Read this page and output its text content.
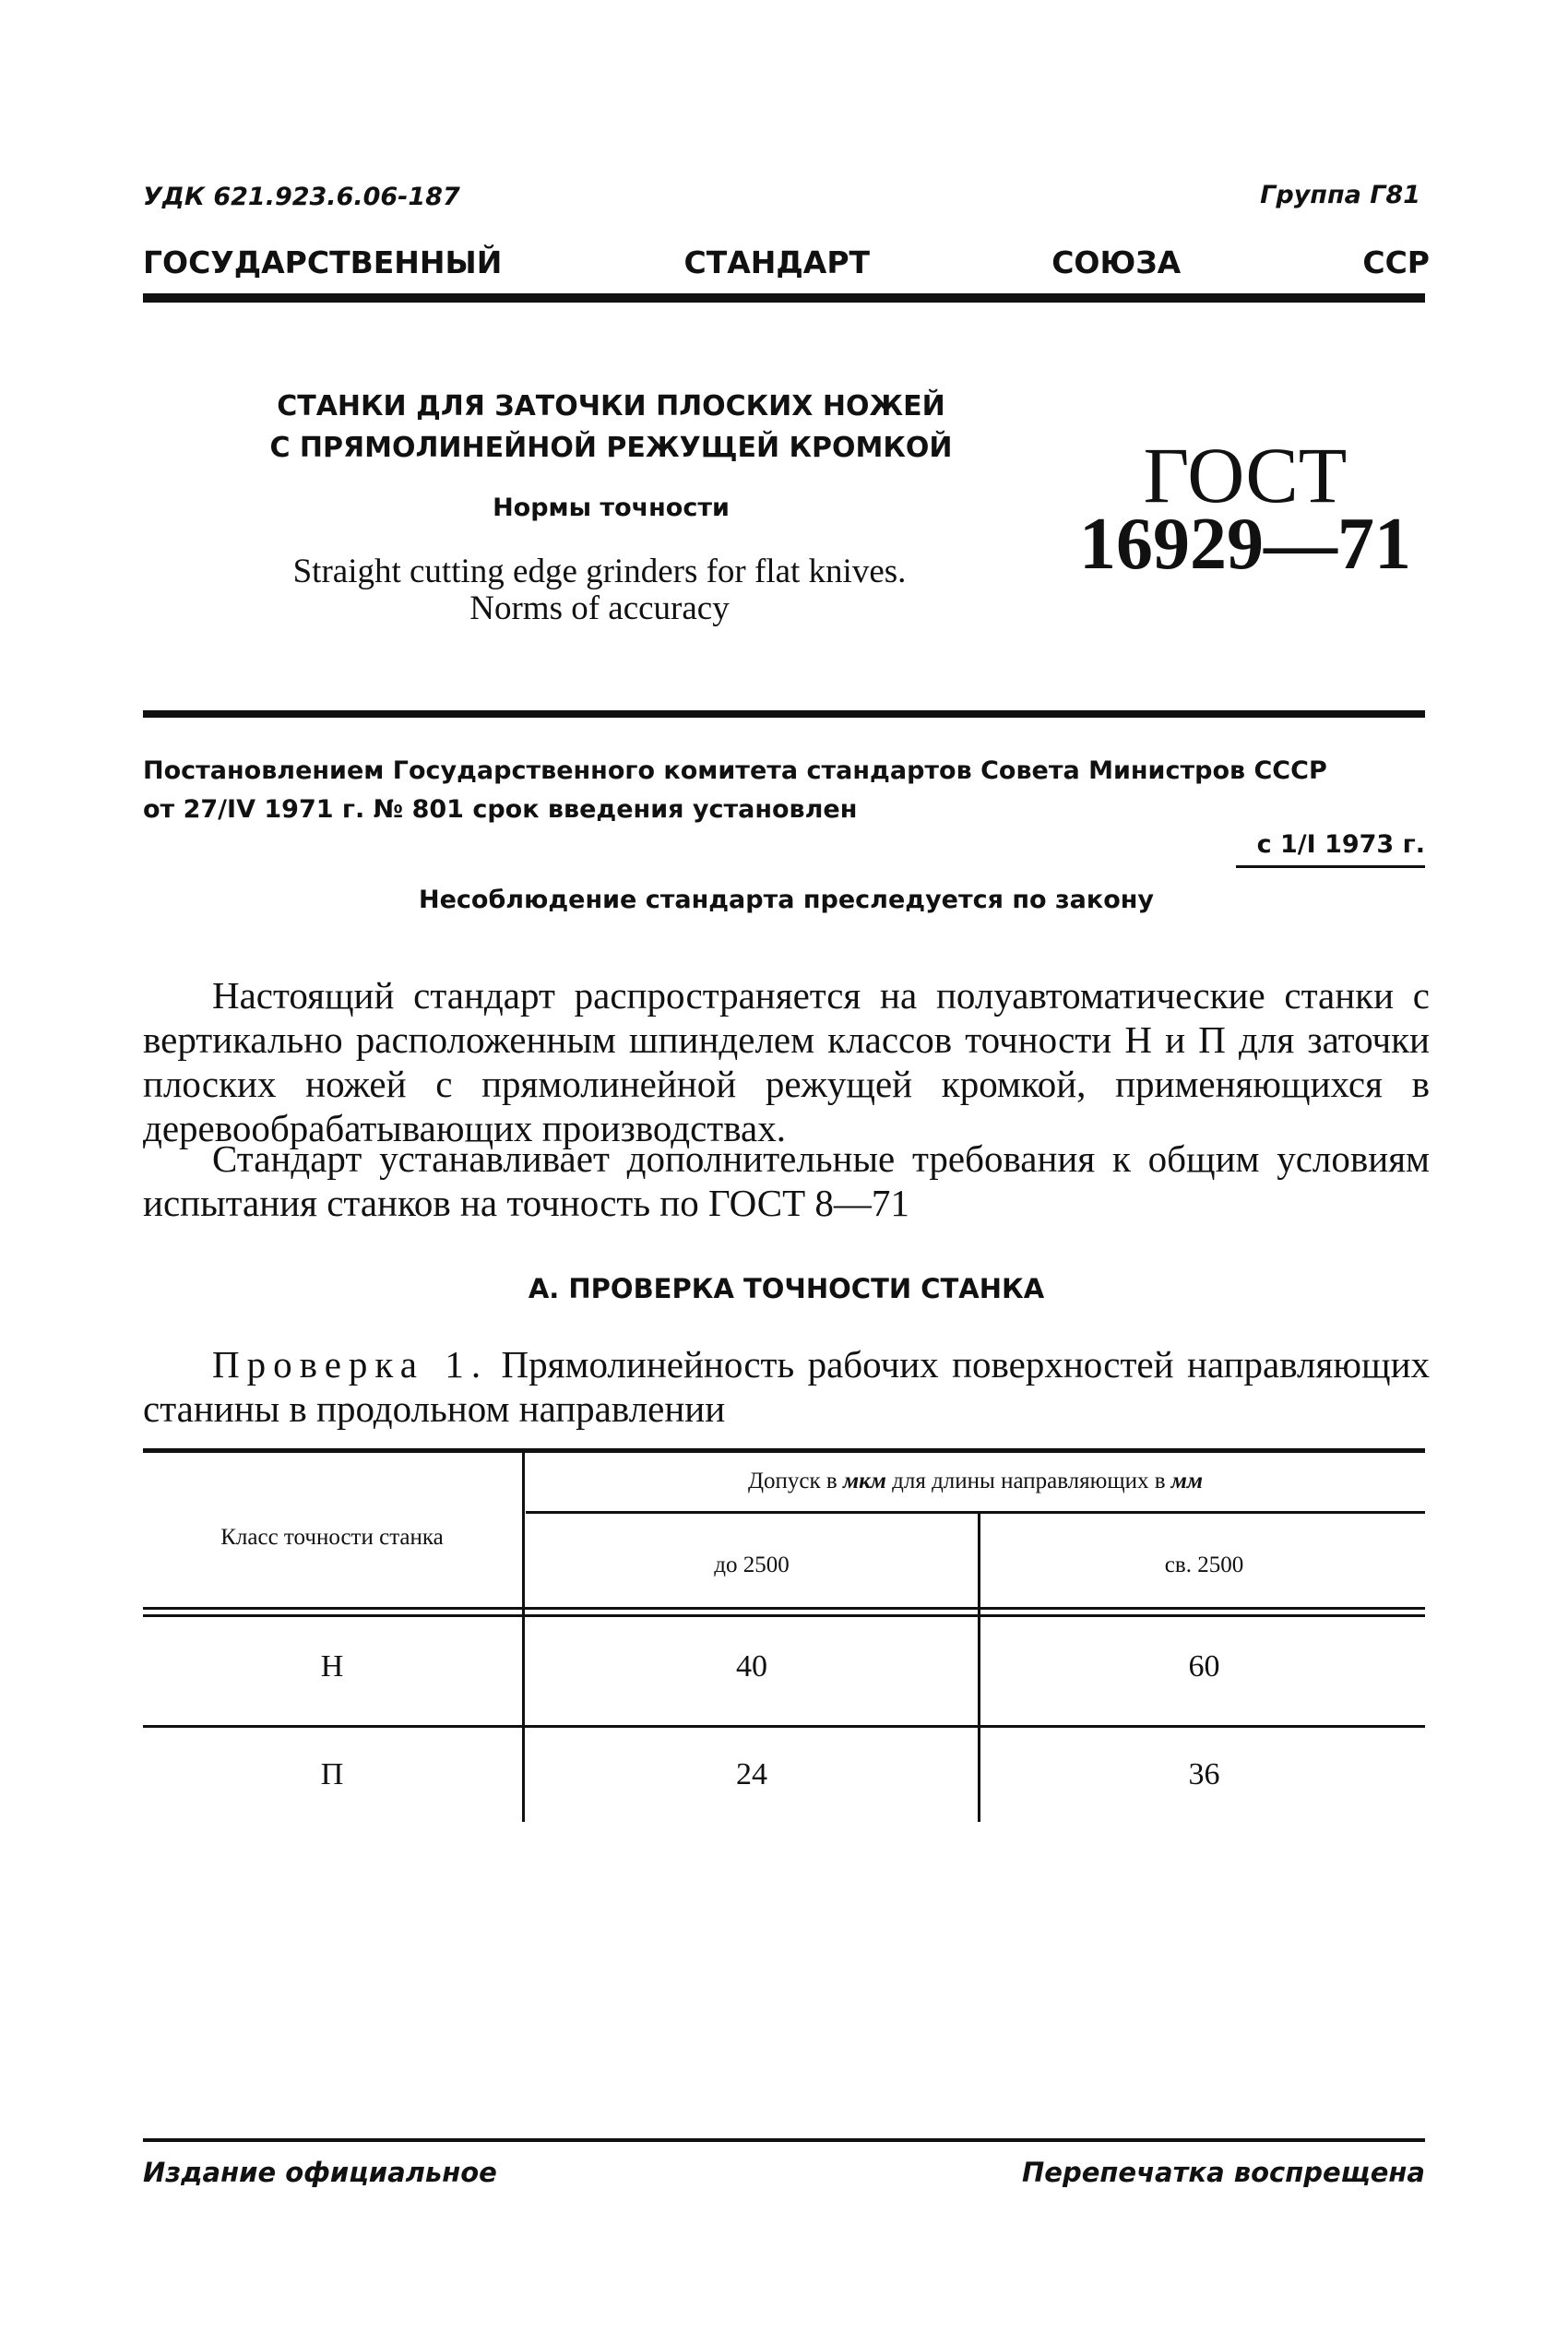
УДК 621.923.6.06-187	Группа Г81
ГОСУДАРСТВЕННЫЙ	СТАНДАРТ	СОЮЗА	ССР
СТАНКИ ДЛЯ ЗАТОЧКИ ПЛОСКИХ НОЖЕЙ
С ПРЯМОЛИНЕЙНОЙ РЕЖУЩЕЙ КРОМКОЙ
Нормы точности
Straight cutting edge grinders for flat knives.
Norms of accuracy
ГОСТ
16929—71
Постановлением Государственного комитета стандартов Совета Министров СССР
от 27/IV 1971 г. № 801 срок введения установлен
с 1/I 1973 г.
Несоблюдение стандарта преследуется по закону
Настоящий стандарт распространяется на полуавтоматические станки с вертикально расположенным шпинделем классов точности Н и П для заточки плоских ножей с прямолинейной режущей кромкой, применяющихся в деревообрабатывающих производствах.
Стандарт устанавливает дополнительные требования к общим условиям испытания станков на точность по ГОСТ 8—71
А. ПРОВЕРКА ТОЧНОСТИ СТАНКА
Проверка 1. Прямолинейность рабочих поверхностей направляющих станины в продольном направлении
Класс точности станка
Допуск в мкм для длины направляющих в мм
до 2500	св. 2500
Н	40	60
П	24	36
Издание официальное	Перепечатка воспрещена
